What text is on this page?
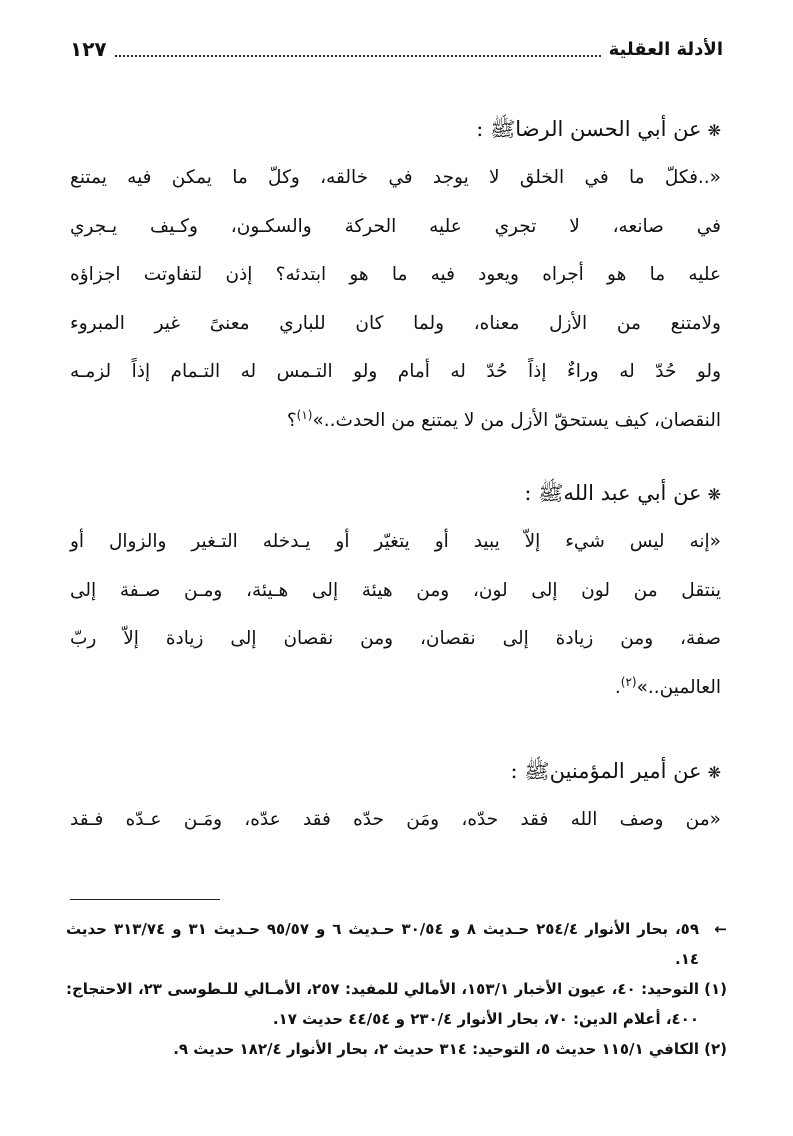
الأدلة العقلية
١٢٧

❋عن أبي الحسن الرضاﷺ :

«..فكلّ ما في الخلق لا يوجد في خالقه، وكلّ ما يمكن فيه يمتنع
في صانعه، لا تجري عليه الحركة والسكـون، وكـيف يـجري
عليه ما هو أجراه ويعود فيه ما هو ابتدئه؟ إذن لتفاوتت اجزاؤه
ولامتنع من الأزل معناه، ولما كان للباري معنىً غير المبروء
ولو حُدّ له وراءٌ إذاً حُدّ له أمام ولو التـمس له التـمام إذاً لزمـه
النقصان، كيف يستحقّ الأزل من لا يمتنع من الحدث..»$^{(١)}$؟

❋عن أبي عبد اللهﷺ :

«إنه ليس شيء إلاّ يبيد أو يتغيّر أو يـدخله التـغير والزوال أو
ينتقل من لون إلى لون، ومن هيئة إلى هـيئة، ومـن صـفة إلى
صفة، ومن زيادة إلى نقصان، ومن نقصان إلى زيادة إلاّ ربّ
العالمين..»$^{(٢)}$.

❋عن أمير المؤمنينﷺ :

«من وصف الله فقد حدّه، ومَن حدّه فقد عدّه، ومَـن عـدّه فـقد

←
٥٩، بحار الأنوار ٢٥٤/٤ حـديث ٨ و ٣٠/٥٤ حـديث ٦ و ٩٥/٥٧ حـديث ٣١ و ٣١٣/٧٤ حديث ١٤.

(١)
التوحيد: ٤٠، عيون الأخبار ١٥٣/١، الأمالي للمفيد: ٢٥٧، الأمـالي للـطوسى ٢٣، الاحتجاج: ٤٠٠، أعلام الدين: ٧٠، بحار الأنوار ٢٣٠/٤ و ٤٤/٥٤ حديث ١٧.

(٢)
الكافي ١١٥/١ حديث ٥، التوحيد: ٣١٤ حديث ٢، بحار الأنوار ١٨٢/٤ حديث ٩.
